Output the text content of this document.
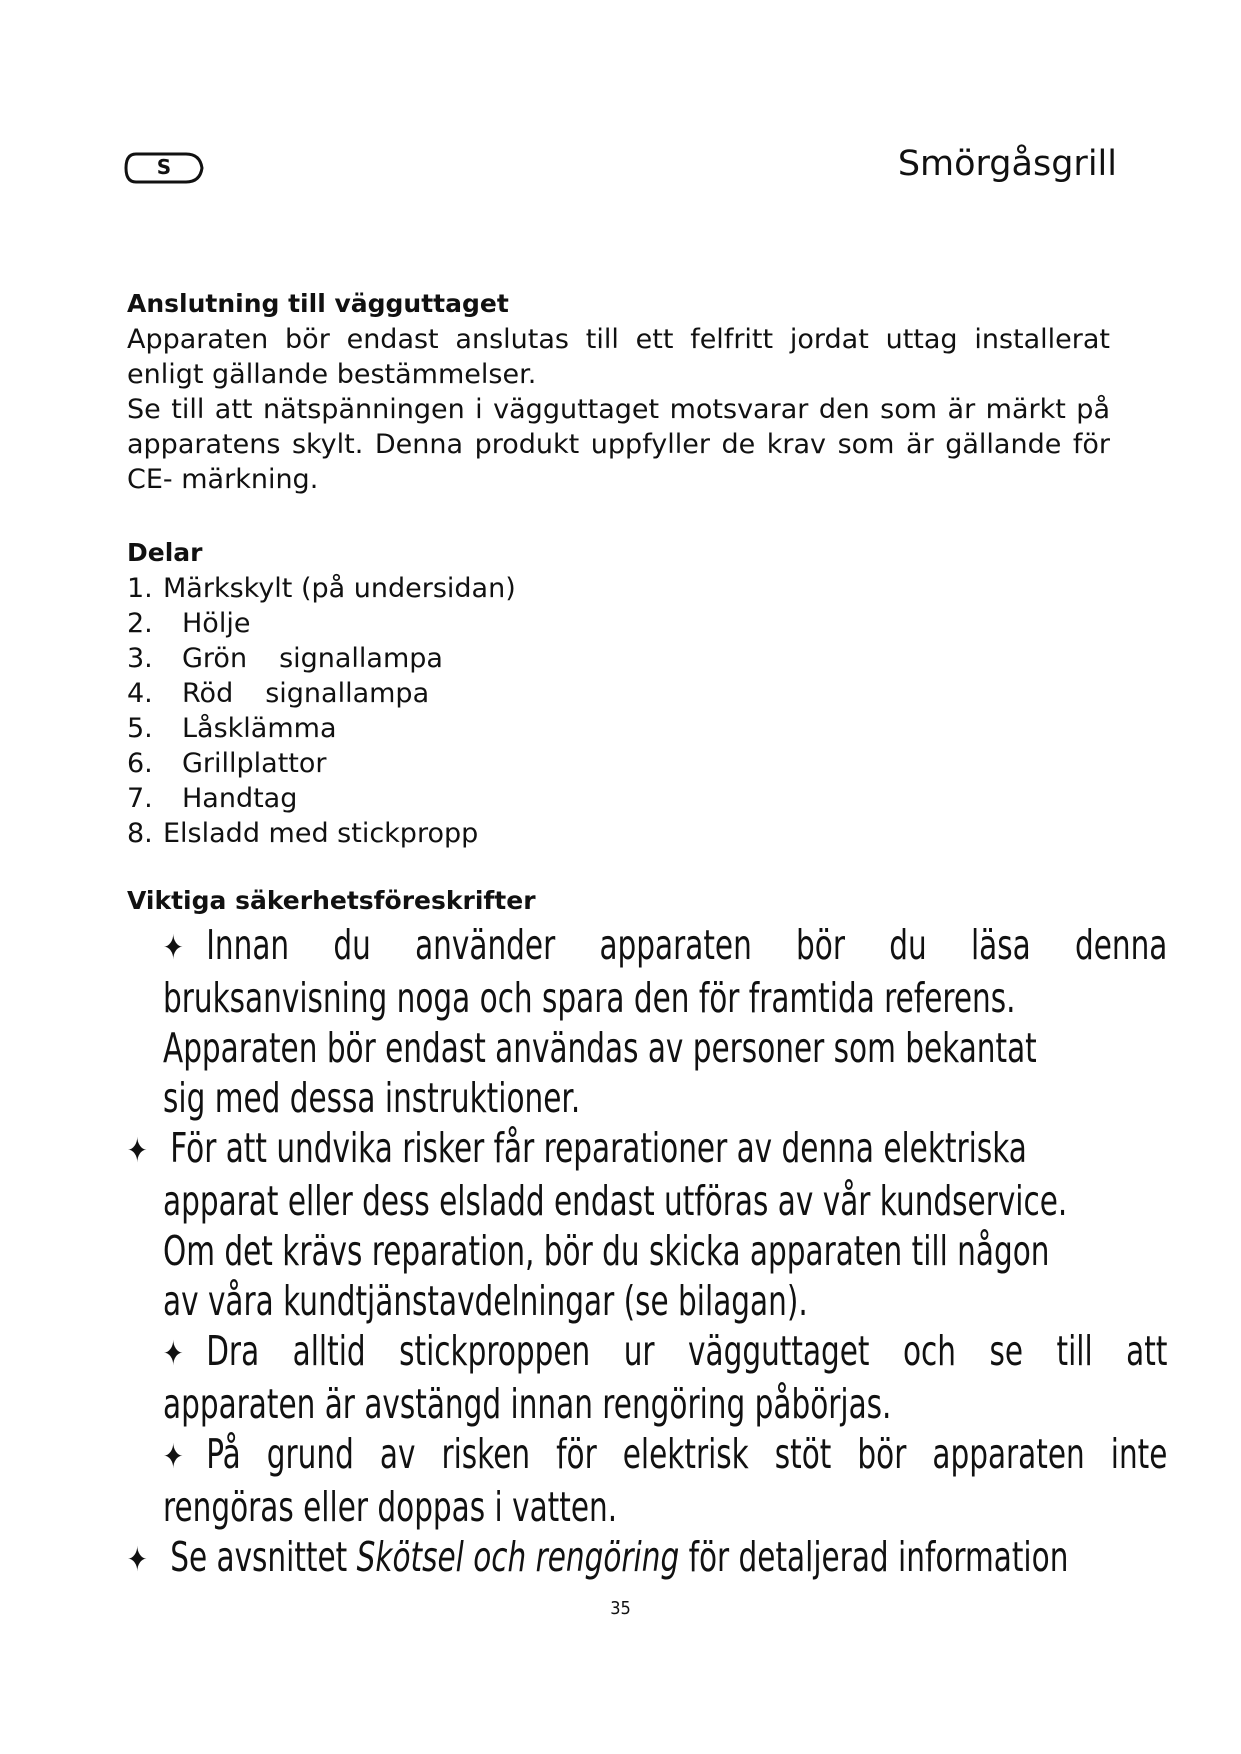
S	Smörgåsgrill
Anslutning till vägguttaget

Apparaten bör endast anslutas till ett felfritt jordat uttag installerat enligt gällande bestämmelser.

Se till att nätspänningen i vägguttaget motsvarar den som är märkt på apparatens skylt. Denna produkt uppfyller de krav som är gällande för CE- märkning.

Delar
1. Märkskylt (på undersidan)
2.	Hölje
3.	Grön signallampa
4.	Röd signallampa
5.	Låsklämma
6.	Grillplattor
7.	Handtag
8. Elsladd med stickpropp
Viktiga säkerhetsföreskrifter
✦ Innan du använder apparaten bör du läsa denna
bruksanvisning noga och spara den för framtida referens.
Apparaten bör endast användas av personer som bekantat
sig med dessa instruktioner.
✦ För att undvika risker får reparationer av denna elektriska
apparat eller dess elsladd endast utföras av vår kundservice.
Om det krävs reparation, bör du skicka apparaten till någon
av våra kundtjänstavdelningar (se bilagan).
✦ Dra alltid stickproppen ur vägguttaget och se till att
apparaten är avstängd innan rengöring påbörjas.
✦ På grund av risken för elektrisk stöt bör apparaten inte
rengöras eller doppas i vatten.
✦ Se avsnittet Skötsel och rengöring för detaljerad information
35
